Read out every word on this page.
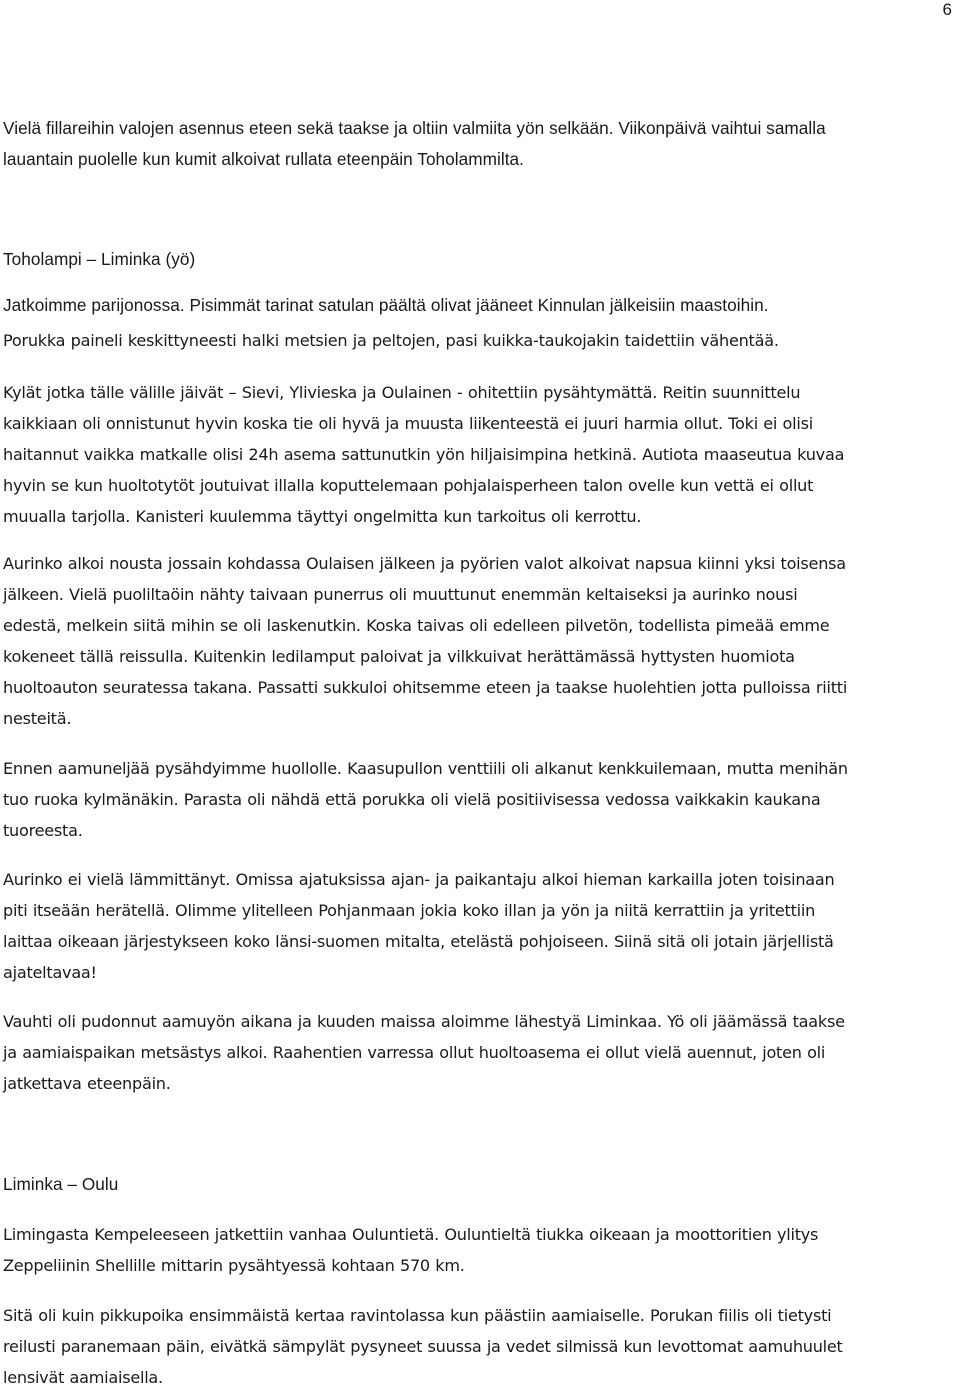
6

Vielä fillareihin valojen asennus eteen sekä taakse ja oltiin valmiita yön selkään. Viikonpäivä vaihtui samalla
lauantain puolelle kun kumit alkoivat rullata eteenpäin Toholammilta.

Toholampi – Liminka (yö)

Jatkoimme parijonossa. Pisimmät tarinat satulan päältä olivat jääneet Kinnulan jälkeisiin maastoihin.

Porukka paineli keskittyneesti halki metsien ja peltojen, pasi kuikka-taukojakin taidettiin vähentää.

Kylät jotka tälle välille jäivät – Sievi, Ylivieska ja Oulainen - ohitettiin pysähtymättä. Reitin suunnittelu
kaikkiaan oli onnistunut hyvin koska tie oli hyvä ja muusta liikenteestä ei juuri harmia ollut. Toki ei olisi
haitannut vaikka matkalle olisi 24h asema sattunutkin yön hiljaisimpina hetkinä. Autiota maaseutua kuvaa
hyvin se kun huoltotytöt joutuivat illalla koputtelemaan pohjalaisperheen talon ovelle kun vettä ei ollut
muualla tarjolla. Kanisteri kuulemma täyttyi ongelmitta kun tarkoitus oli kerrottu.

Aurinko alkoi nousta jossain kohdassa Oulaisen jälkeen ja pyörien valot alkoivat napsua kiinni yksi toisensa
jälkeen. Vielä puoliltaöin nähty taivaan punerrus oli muuttunut enemmän keltaiseksi ja aurinko nousi
edestä, melkein siitä mihin se oli laskenutkin. Koska taivas oli edelleen pilvetön, todellista pimeää emme
kokeneet tällä reissulla. Kuitenkin ledilamput paloivat ja vilkkuivat herättämässä hyttysten huomiota
huoltoauton seuratessa takana. Passatti sukkuloi ohitsemme eteen ja taakse huolehtien jotta pulloissa riitti
nesteitä.

Ennen aamuneljää pysähdyimme huollolle. Kaasupullon venttiili oli alkanut kenkkuilemaan, mutta menihän
tuo ruoka kylmänäkin. Parasta oli nähdä että porukka oli vielä positiivisessa vedossa vaikkakin kaukana
tuoreesta.

Aurinko ei vielä lämmittänyt. Omissa ajatuksissa ajan- ja paikantaju alkoi hieman karkailla joten toisinaan
piti itseään herätellä. Olimme ylitelleen Pohjanmaan jokia koko illan ja yön ja niitä kerrattiin ja yritettiin
laittaa oikeaan järjestykseen koko länsi-suomen mitalta, etelästä pohjoiseen. Siinä sitä oli jotain järjellistä
ajateltavaa!

Vauhti oli pudonnut aamuyön aikana ja kuuden maissa aloimme lähestyä Liminkaa. Yö oli jäämässä taakse
ja aamiaispaikan metsästys alkoi. Raahentien varressa ollut huoltoasema ei ollut vielä auennut, joten oli
jatkettava eteenpäin.

Liminka – Oulu

Limingasta Kempeleeseen jatkettiin vanhaa Ouluntietä. Ouluntieltä tiukka oikeaan ja moottoritien ylitys
Zeppeliinin Shellille mittarin pysähtyessä kohtaan 570 km.

Sitä oli kuin pikkupoika ensimmäistä kertaa ravintolassa kun päästiin aamiaiselle. Porukan fiilis oli tietysti
reilusti paranemaan päin, eivätkä sämpylät pysyneet suussa ja vedet silmissä kun levottomat aamuhuulet
lensivät aamiaisella.
